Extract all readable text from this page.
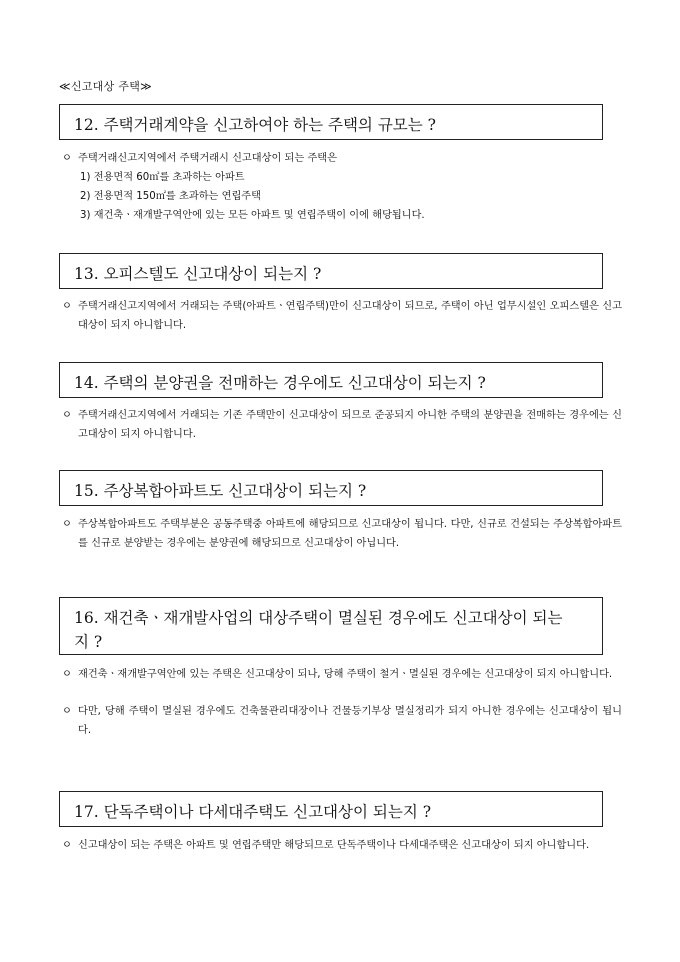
≪신고대상 주택≫
12. 주택거래계약을 신고하여야 하는 주택의 규모는 ?
ㅇ 주택거래신고지역에서 주택거래시 신고대상이 되는 주택은
1) 전용면적 60㎡를 초과하는 아파트
2) 전용면적 150㎡를 초과하는 연립주택
3) 재건축ㆍ재개발구역안에 있는 모든 아파트 및 연립주택이 이에 해당됩니다.
13. 오피스텔도 신고대상이 되는지 ?
ㅇ 주택거래신고지역에서 거래되는 주택(아파트ㆍ연립주택)만이 신고대상이 되므로, 주택이 아닌 업무시설인 오피스텔은 신고대상이 되지 아니합니다.
14. 주택의 분양권을 전매하는 경우에도 신고대상이 되는지 ?
ㅇ 주택거래신고지역에서 거래되는 기존 주택만이 신고대상이 되므로 준공되지 아니한 주택의 분양권을 전매하는 경우에는 신고대상이 되지 아니합니다.
15. 주상복합아파트도 신고대상이 되는지 ?
ㅇ 주상복합아파트도 주택부분은 공동주택중 아파트에 해당되므로 신고대상이 됩니다. 다만, 신규로 건설되는 주상복합아파트를 신규로 분양받는 경우에는 분양권에 해당되므로 신고대상이 아닙니다.
16. 재건축ㆍ재개발사업의 대상주택이 멸실된 경우에도 신고대상이 되는지 ?
ㅇ 재건축ㆍ재개발구역안에 있는 주택은 신고대상이 되나, 당해 주택이 철거ㆍ멸실된 경우에는 신고대상이 되지 아니합니다.
ㅇ 다만, 당해 주택이 멸실된 경우에도 건축물관리대장이나 건물등기부상 멸실정리가 되지 아니한 경우에는 신고대상이 됩니다.
17. 단독주택이나 다세대주택도 신고대상이 되는지 ?
ㅇ 신고대상이 되는 주택은 아파트 및 연립주택만 해당되므로 단독주택이나 다세대주택은 신고대상이 되지 아니합니다.
